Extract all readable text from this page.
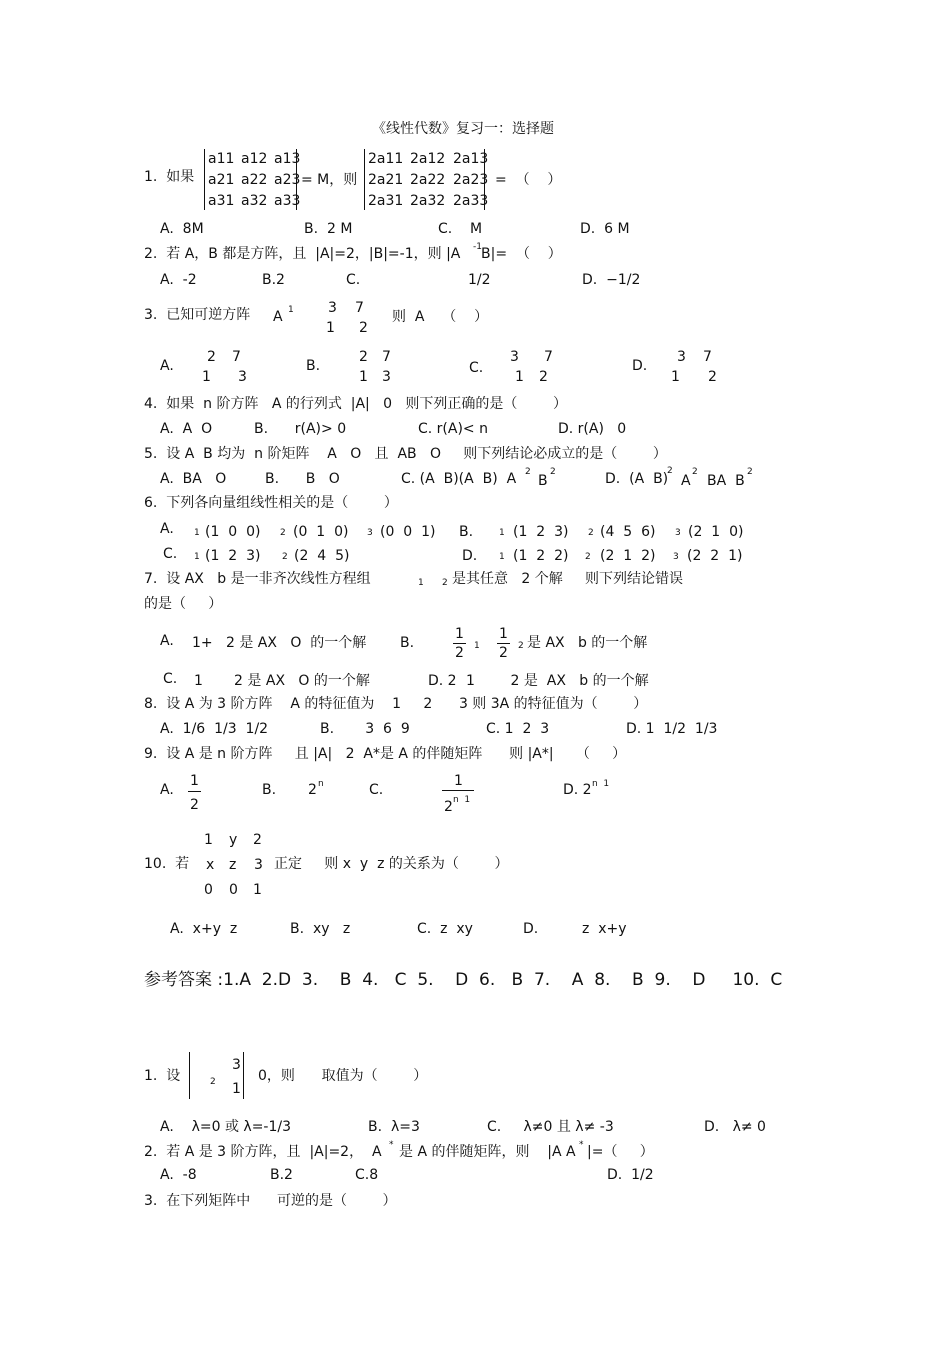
《线性代数》复习一：选择题
1.  如果
a11 a12 a13
a21 a22 a23
a31 a32 a33
= M，则
2a11 2a12 2a13
2a21 2a22 2a23
2a31 2a32 2a33
=  （    ）
A.  8M	B.  2 M	C.    M	D.  6 M
2.  若 A，B 都是方阵，且  |A|=2，|B|=-1，则 |A -1 B|=  （    ）
A.  -2	B.2	C.	1/2	D.  −1/2
3.  已知可逆方阵 A 1 3 7
1 2
则  A    （    ）
A.
2 7
1 3
B.
2 7
1 3
C.
3 7
1 2
D.
3 7
1 2
4.  如果  n 阶方阵   A 的行列式  |A|   0   则下列正确的是（        ）
A.  A  O	B.      r(A)> 0	C. r(A)< n	D. r(A)   0
5.  设 A  B 均为  n 阶矩阵    A   O   且  AB   O     则下列结论必成立的是（        ）
A.  BA   O	B.      B   O	C. (A  B)(A  B)  A 2
B
2	D.  (A  B)
2
A
2
BA  B
2
6.  下列各向量组线性相关的是（        ）
A. 1 (1  0  0) 2 (0  1  0) 3 (0  0  1) B.	1 (1  2  3) 2 (4  5  6) 3 (2  1  0)
C. 1 (1  2  3) 2 (2  4  5)	D. 1 (1  2  2) 2 (2  1  2) 3 (2  2  1)
7.  设 AX   b 是一非齐次线性方程组	1 2 是其任意   2 个解     则下列结论错误
的是（     ）
A. 1+   2 是 AX   O  的一个解 B.
1
2 1
1
2 2 是 AX   b 的一个解
C. 1       2 是 AX   O 的一个解	D. 2 1        2 是  AX   b 的一个解
8.  设 A 为 3 阶方阵    A 的特征值为    1     2      3 则 3A 的特征值为（        ）
A.  1/6  1/3  1/2	B.       3  6  9	C. 1  2  3	D. 1  1/2  1/3
9.  设 A 是 n 阶方阵     且 |A|   2  A*是 A 的伴随矩阵      则 |A*|     （     ）
A.
1
2
B. 2 n	C.
1
2 n  1
D. 2 n  1
10.  若
1 y 2
x z 3
0 0 1
正定     则 x  y  z 的关系为（        ）
A.  x+y  z	B.  xy   z	C.  z  xy	D.	z  x+y
参考答案 :1.A  2.D  3.    B  4.   C  5.    D  6.   B  7.    A  8.    B  9.    D     10.  C
1.  设
3
2 1
0，则      取值为（        ）
A.    λ=0 或 λ=-1/3	B.  λ=3	C.     λ≠0 且 λ≠ -3	D.   λ≠ 0
2.  若 A 是 3 阶方阵，且  |A|=2，  A * 是 A 的伴随矩阵，则    |A A * |=（     ）
A.  -8	B.2	C.8	D.  1/2
3.  在下列矩阵中      可逆的是（        ）
